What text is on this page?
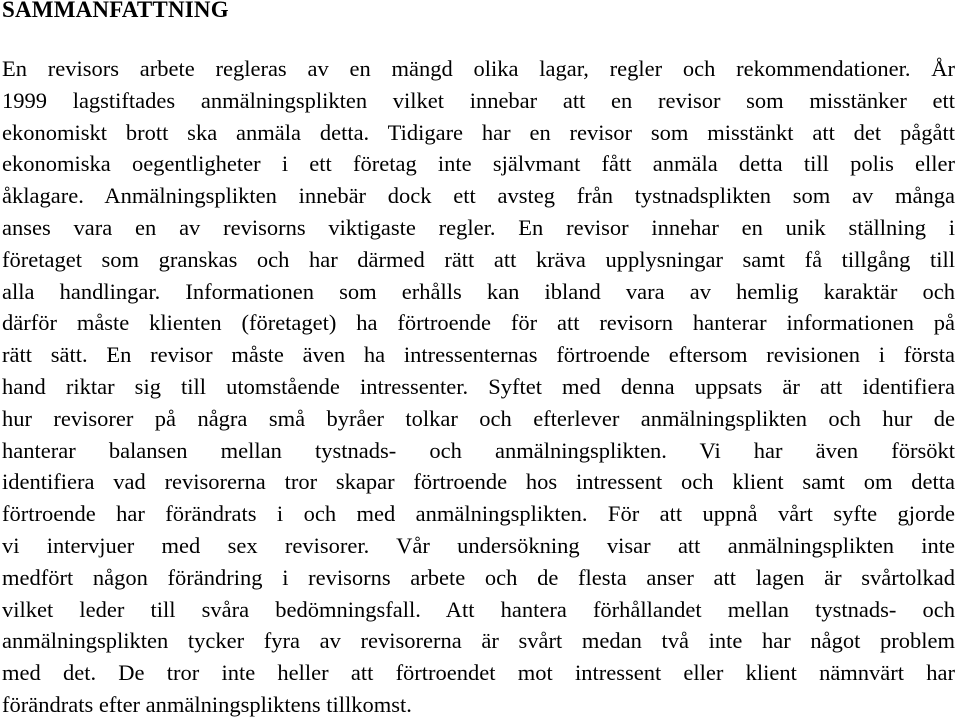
SAMMANFATTNING
En revisors arbete regleras av en mängd olika lagar, regler och rekommendationer. År
1999 lagstiftades anmälningsplikten vilket innebar att en revisor som misstänker ett
ekonomiskt brott ska anmäla detta. Tidigare har en revisor som misstänkt att det pågått
ekonomiska oegentligheter i ett företag inte självmant fått anmäla detta till polis eller
åklagare. Anmälningsplikten innebär dock ett avsteg från tystnadsplikten som av många
anses vara en av revisorns viktigaste regler. En revisor innehar en unik ställning i
företaget som granskas och har därmed rätt att kräva upplysningar samt få tillgång till
alla handlingar. Informationen som erhålls kan ibland vara av hemlig karaktär och
därför måste klienten (företaget) ha förtroende för att revisorn hanterar informationen på
rätt sätt. En revisor måste även ha intressenternas förtroende eftersom revisionen i första
hand riktar sig till utomstående intressenter. Syftet med denna uppsats är att identifiera
hur revisorer på några små byråer tolkar och efterlever anmälningsplikten och hur de
hanterar balansen mellan tystnads- och anmälningsplikten. Vi har även försökt
identifiera vad revisorerna tror skapar förtroende hos intressent och klient samt om detta
förtroende har förändrats i och med anmälningsplikten. För att uppnå vårt syfte gjorde
vi intervjuer med sex revisorer. Vår undersökning visar att anmälningsplikten inte
medfört någon förändring i revisorns arbete och de flesta anser att lagen är svårtolkad
vilket leder till svåra bedömningsfall. Att hantera förhållandet mellan tystnads- och
anmälningsplikten tycker fyra av revisorerna är svårt medan två inte har något problem
med det. De tror inte heller att förtroendet mot intressent eller klient nämnvärt har
förändrats efter anmälningspliktens tillkomst.
